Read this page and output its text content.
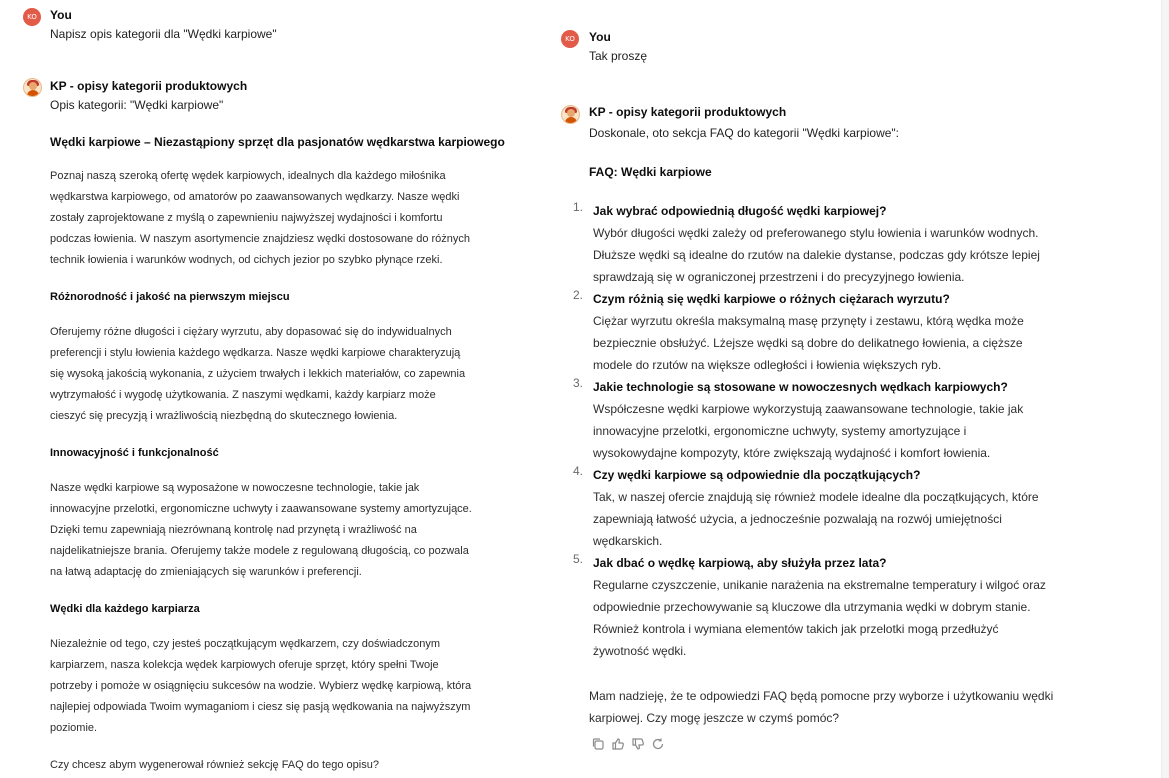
KO	You
Napisz opis kategorii dla "Wędki karpiowe"
KP - opisy kategorii produktowych
Opis kategorii: "Wędki karpiowe"
Wędki karpiowe – Niezastąpiony sprzęt dla pasjonatów wędkarstwa karpiowego
Poznaj naszą szeroką ofertę wędek karpiowych, idealnych dla każdego miłośnika
wędkarstwa karpiowego, od amatorów po zaawansowanych wędkarzy. Nasze wędki
zostały zaprojektowane z myślą o zapewnieniu najwyższej wydajności i komfortu
podczas łowienia. W naszym asortymencie znajdziesz wędki dostosowane do różnych
technik łowienia i warunków wodnych, od cichych jezior po szybko płynące rzeki.
Różnorodność i jakość na pierwszym miejscu
Oferujemy różne długości i ciężary wyrzutu, aby dopasować się do indywidualnych
preferencji i stylu łowienia każdego wędkarza. Nasze wędki karpiowe charakteryzują
się wysoką jakością wykonania, z użyciem trwałych i lekkich materiałów, co zapewnia
wytrzymałość i wygodę użytkowania. Z naszymi wędkami, każdy karpiarz może
cieszyć się precyzją i wrażliwością niezbędną do skutecznego łowienia.
Innowacyjność i funkcjonalność
Nasze wędki karpiowe są wyposażone w nowoczesne technologie, takie jak
innowacyjne przelotki, ergonomiczne uchwyty i zaawansowane systemy amortyzujące.
Dzięki temu zapewniają niezrównaną kontrolę nad przynętą i wrażliwość na
najdelikatniejsze brania. Oferujemy także modele z regulowaną długością, co pozwala
na łatwą adaptację do zmieniających się warunków i preferencji.
Wędki dla każdego karpiarza
Niezależnie od tego, czy jesteś początkującym wędkarzem, czy doświadczonym
karpiarzem, nasza kolekcja wędek karpiowych oferuje sprzęt, który spełni Twoje
potrzeby i pomoże w osiągnięciu sukcesów na wodzie. Wybierz wędkę karpiową, która
najlepiej odpowiada Twoim wymaganiom i ciesz się pasją wędkowania na najwyższym
poziomie.
Czy chcesz abym wygenerował również sekcję FAQ do tego opisu?
KO	You
Tak proszę
KP - opisy kategorii produktowych
Doskonale, oto sekcja FAQ do kategorii "Wędki karpiowe":
FAQ: Wędki karpiowe
1. Jak wybrać odpowiednią długość wędki karpiowej?
Wybór długości wędki zależy od preferowanego stylu łowienia i warunków wodnych.
Dłuższe wędki są idealne do rzutów na dalekie dystanse, podczas gdy krótsze lepiej
sprawdzają się w ograniczonej przestrzeni i do precyzyjnego łowienia.
2. Czym różnią się wędki karpiowe o różnych ciężarach wyrzutu?
Ciężar wyrzutu określa maksymalną masę przynęty i zestawu, którą wędka może
bezpiecznie obsłużyć. Lżejsze wędki są dobre do delikatnego łowienia, a cięższe
modele do rzutów na większe odległości i łowienia większych ryb.
3. Jakie technologie są stosowane w nowoczesnych wędkach karpiowych?
Współczesne wędki karpiowe wykorzystują zaawansowane technologie, takie jak
innowacyjne przelotki, ergonomiczne uchwyty, systemy amortyzujące i
wysokowydajne kompozyty, które zwiększają wydajność i komfort łowienia.
4. Czy wędki karpiowe są odpowiednie dla początkujących?
Tak, w naszej ofercie znajdują się również modele idealne dla początkujących, które
zapewniają łatwość użycia, a jednocześnie pozwalają na rozwój umiejętności
wędkarskich.
5. Jak dbać o wędkę karpiową, aby służyła przez lata?
Regularne czyszczenie, unikanie narażenia na ekstremalne temperatury i wilgoć oraz
odpowiednie przechowywanie są kluczowe dla utrzymania wędki w dobrym stanie.
Również kontrola i wymiana elementów takich jak przelotki mogą przedłużyć
żywotność wędki.
Mam nadzieję, że te odpowiedzi FAQ będą pomocne przy wyborze i użytkowaniu wędki
karpiowej. Czy mogę jeszcze w czymś pomóc?
